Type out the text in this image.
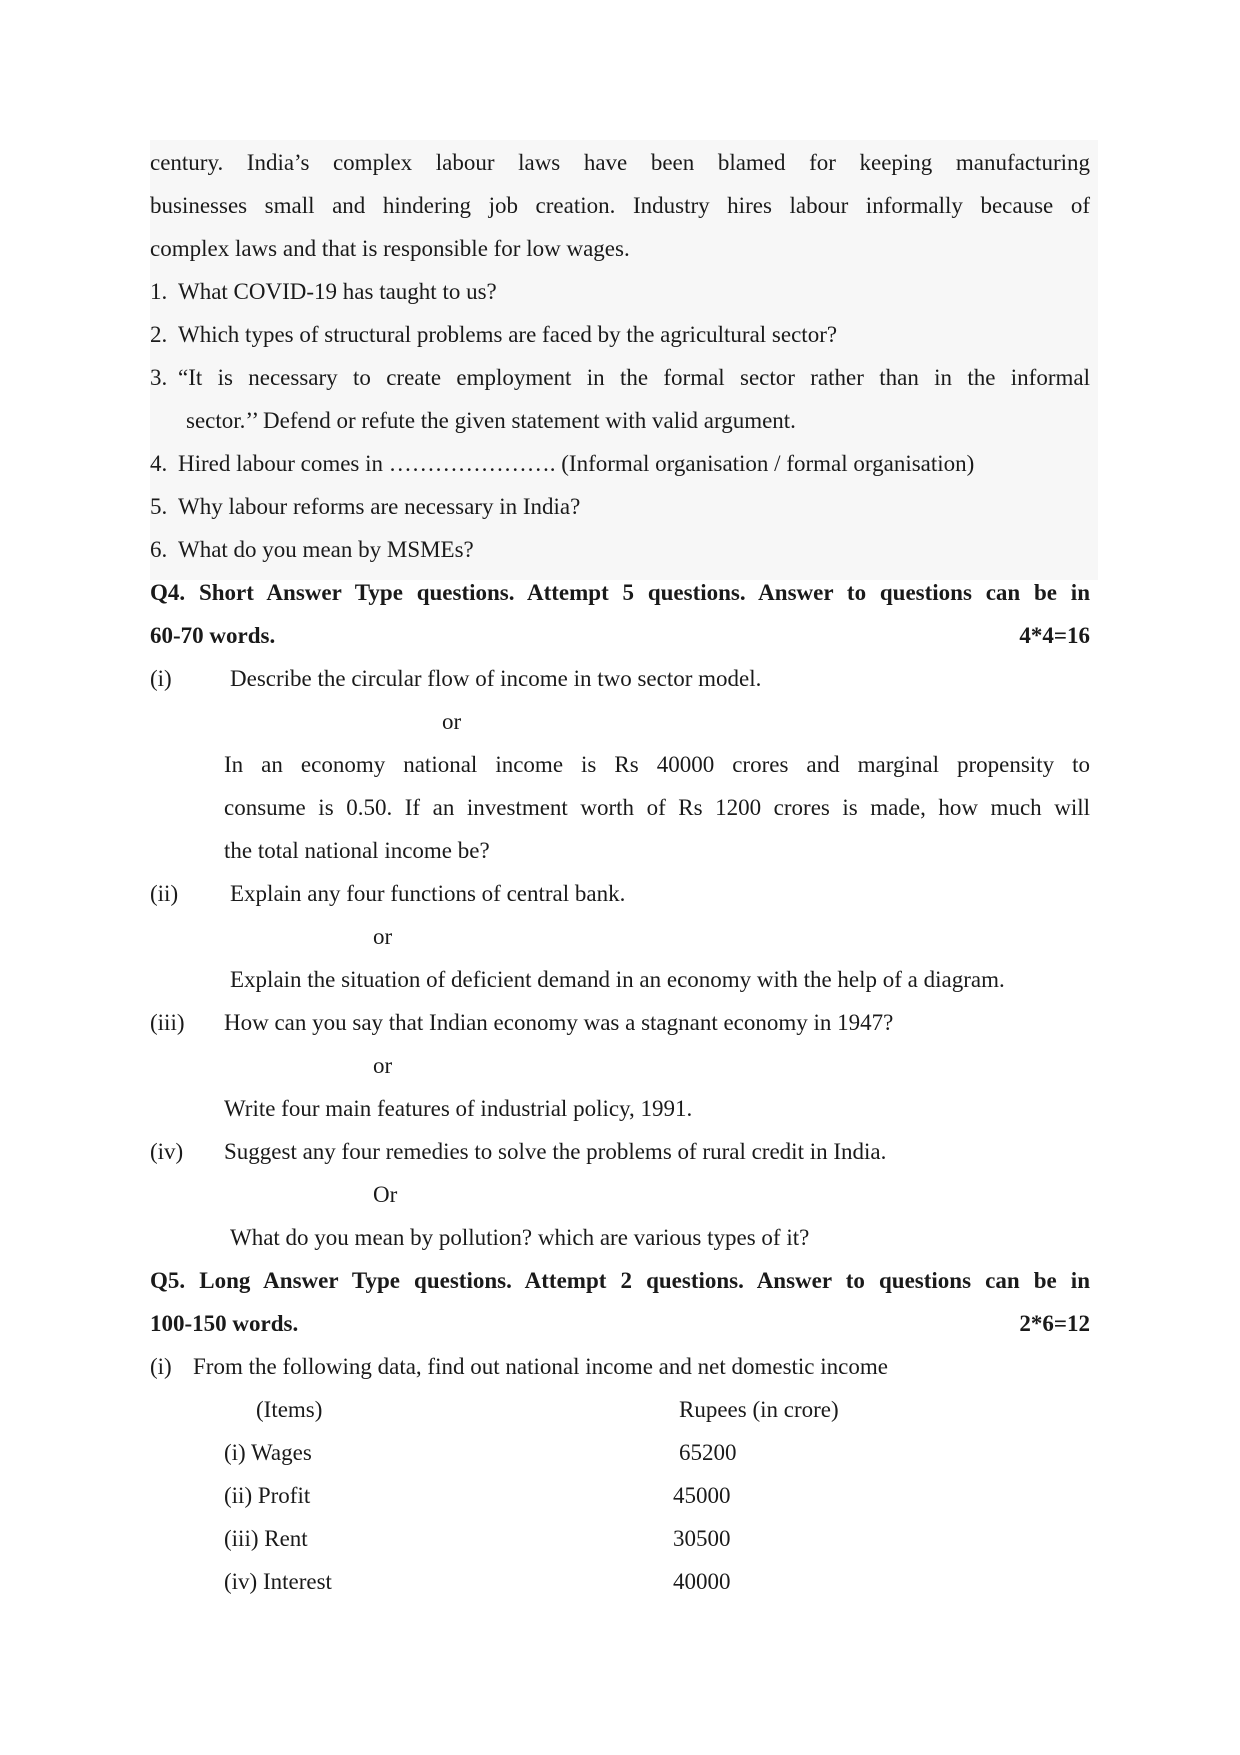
century. India’s complex labour laws have been blamed for keeping manufacturing
businesses small and hindering job creation. Industry hires labour informally because of
complex laws and that is responsible for low wages.
1. What COVID-19 has taught to us?
2. Which types of structural problems are faced by the agricultural sector?
3. “It is necessary to create employment in the formal sector rather than in the informal
sector.’’ Defend or refute the given statement with valid argument.
4. Hired labour comes in …………………. (Informal organisation / formal organisation)
5. Why labour reforms are necessary in India?
6. What do you mean by MSMEs?
Q4. Short Answer Type questions. Attempt 5 questions. Answer to questions can be in
60-70 words.	4*4=16
(i)	Describe the circular flow of income in two sector model.
or
In an economy national income is Rs 40000 crores and marginal propensity to
consume is 0.50. If an investment worth of Rs 1200 crores is made, how much will
the total national income be?
(ii) Explain any four functions of central bank.
or
Explain the situation of deficient demand in an economy with the help of a diagram.
(iii) How can you say that Indian economy was a stagnant economy in 1947?
or
Write four main features of industrial policy, 1991.
(iv) Suggest any four remedies to solve the problems of rural credit in India.
Or
What do you mean by pollution? which are various types of it?
Q5. Long Answer Type questions. Attempt 2 questions. Answer to questions can be in
100-150 words.	2*6=12
(i) From the following data, find out national income and net domestic income
(Items)	Rupees (in crore)
(i) Wages	65200
(ii) Profit	45000
(iii) Rent	30500
(iv) Interest	40000
